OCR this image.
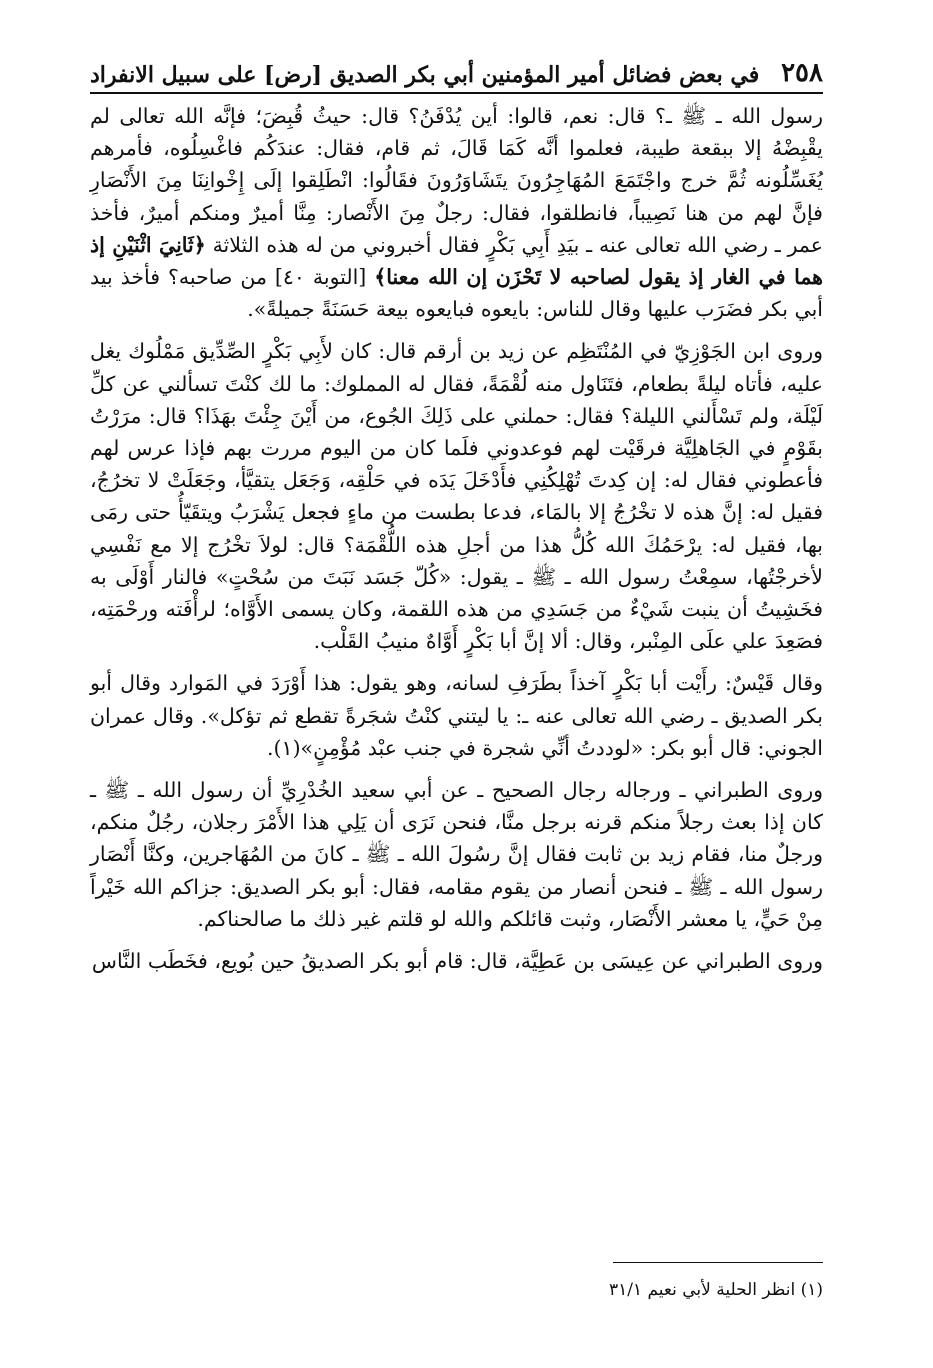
٢٥٨
في بعض فضائل أمير المؤمنين أبي بكر الصديق [رض] على سبيل الانفراد

رسول الله ـ ﷺ ـ؟ قال: نعم، قالوا: أين يُدْفَنُ؟ قال: حيثُ قُبِضَ؛ فإنَّه الله تعالى لم يقْبِضْهُ إلا ببقعة طيبة، فعلموا أنَّه كَمَا قَالَ، ثم قام، فقال: عندَكُم فاغْسِلُوه، فأمرهم يُغَسِّلُونه ثُمَّ خرج واجْتَمَعَ المُهَاجِرُونَ يتَشَاوَرُونَ فقَالُوا: انْطَلِقوا إلَى إِخْوانِنَا مِنَ الأَنْصَارِ فإنَّ لهم من هنا نَصِيباً، فانطلقوا، فقال: رجلٌ مِنَ الأَنْصار: مِنَّا أميرٌ ومنكم أميرٌ، فأخذ عمر ـ رضي الله تعالى عنه ـ بيَدِ أَبِي بَكْرٍ فقال أخبروني من له هذه الثلاثة ﴿ثَانِيَ اثْنَيْنِ إذ هما في الغار إذ يقول لصاحبه لا تَحْزَن إن الله معنا﴾ [التوبة ٤٠] من صاحبه؟ فأخذ بيد أبي بكر فضَرَب عليها وقال للناس: بايعوه فبايعوه بيعة حَسَنَةً جميلةً».

وروى ابن الجَوْزِيّ في المُنْتَظِم عن زيد بن أرقم قال: كان لأَبِي بَكْرٍ الصِّدِّيق مَمْلُوك يغل عليه، فأتاه ليلةً بطعام، فتَنَاول منه لُقْمَةً، فقال له المملوك: ما لك كنْتَ تسألني عن كلِّ لَيْلَة، ولم تَسْأَلني الليلة؟ فقال: حملني على ذَلِكَ الجُوع، من أَيْنَ جِئْتَ بهَذَا؟ قال: مرَرْتُ بقَوْمٍ في الجَاهلِيَّة فرقَيْت لهم فوعدوني فلَما كان من اليوم مررت بهم فإذا عرس لهم فأعطوني فقال له: إن كِدتَ تُهْلِكُنِي فأَدْخَلَ يَدَه في حَلْقِه، وَجَعَل يتقيَّأ، وجَعَلَتْ لا تخرُجُ، فقيل له: إنَّ هذه لا تخْرُجُ إلا بالمَاء، فدعا بطست من ماءٍ فجعل يَشْرَبُ ويتقَيّأُ حتى رمَى بها، فقيل له: يرْحَمُكَ الله كُلُّ هذا من أجلِ هذه اللُّقْمَة؟ قال: لولاَ تخْرُج إلا مع نَفْسِي لأخرجْتُها، سمِعْتُ رسول الله ـ ﷺ ـ يقول: «كُلّ جَسَد نَبَتَ من سُحْتٍ» فالنار أَوْلَى به فخَشِيتُ أن ينبت شَيْءٌ من جَسَدِي من هذه اللقمة، وكان يسمى الأَوَّاه؛ لرأْفَته ورحْمَتِه، فصَعِدَ علي علَى المِنْبر، وقال: ألا إنَّ أبا بَكْرٍ أَوَّاهٌ منيبُ القَلْب.

وقال قَيْسٌ: رأَيْت أبا بَكْرٍ آخذاً بطَرَفِ لسانه، وهو يقول: هذا أَوْرَدَ في المَوارد وقال أبو بكر الصديق ـ رضي الله تعالى عنه ـ: يا ليتني كنْتُ شجَرةً تقطع ثم تؤكل». وقال عمران الجوني: قال أبو بكر: «لوددتُ أنِّي شجرة في جنب عبْد مُؤْمِنٍ»(١).

وروى الطبراني ـ ورجاله رجال الصحيح ـ عن أبي سعيد الخُدْرِيِّ أن رسول الله ـ ﷺ ـ كان إذا بعث رجلاً منكم قرنه برجل منَّا، فنحن نَرَى أن يَلِي هذا الأَمْرَ رجلان، رجُلٌ منكم، ورجلٌ منا، فقام زيد بن ثابت فقال إنَّ رسُولَ الله ـ ﷺ ـ كانَ من المُهَاجرين، وكنَّا أَنْصَار رسول الله ـ ﷺ ـ فنحن أنصار من يقوم مقامه، فقال: أبو بكر الصديق: جزاكم الله خَيْراً مِنْ حَيٍّ، يا معشر الأَنْصَار، وثبت قائلكم والله لو قلتم غير ذلك ما صالحناكم.

وروى الطبراني عن عِيسَى بن عَطِيَّة، قال: قام أبو بكر الصديقُ حين بُويع، فخَطَب النَّاس

(١) انظر الحلية لأبي نعيم ٣١/١
